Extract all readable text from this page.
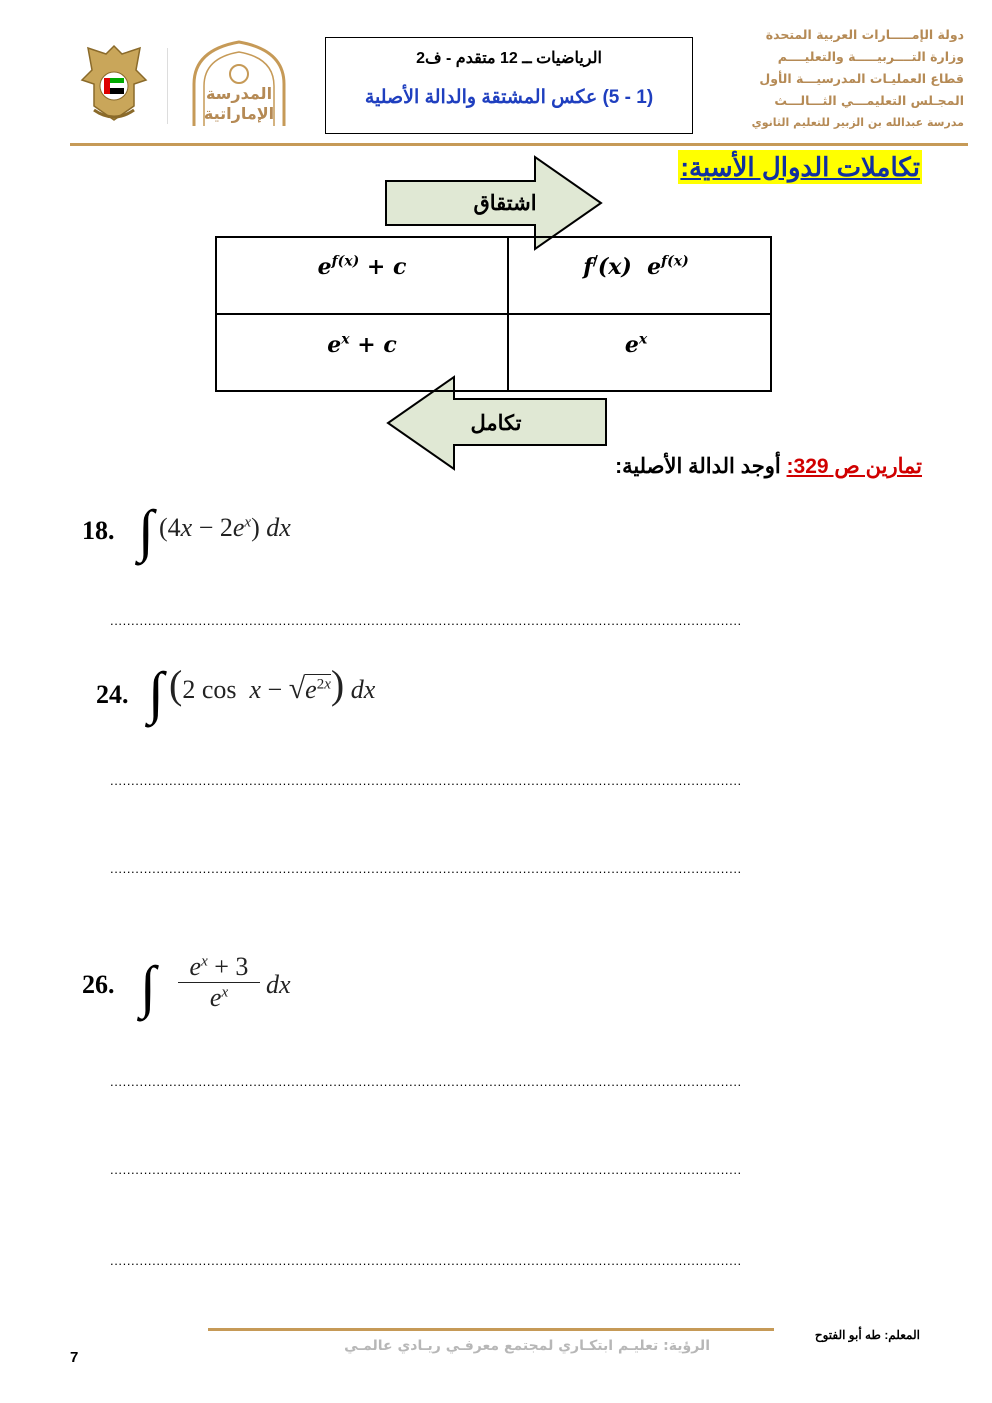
المدرسة
الإماراتية
الرياضيات ــ 12 متقدم - ف2
(1 - 5) عكس المشتقة والدالة الأصلية
دولة الإمـــــارات العربية المتحدة
وزارة التــــربيـــــة والتعليــــم
قطاع العمليـات المدرسيـــة الأول
المجـلس التعليمـــي الثـــالـــث
مدرسة عبدالله بن الزبير للتعليم الثانوي
تكاملات الدوال الأسية:
اشتقاق
تكامل
$e^{f(x)} + c$	f/(x)  $e^{f(x)}$
$e^x + c$	$e^x$
تمارين ص 329: أوجد الدالة الأصلية:
18. ∫ $(4x - 2e^x)$ dx
......................................................................................................................................................
24. ∫ (2 $\cos x - √e^{2x}$) dx
......................................................................................................................................................
......................................................................................................................................................
26. ∫	$e^x + 3$
$e^x$	dx
......................................................................................................................................................
......................................................................................................................................................
......................................................................................................................................................
الرؤية: تعليـم ابتكـاري لمجتمع معرفـي ريـادي عالمـي
المعلم: طه أبو الفتوح
7
